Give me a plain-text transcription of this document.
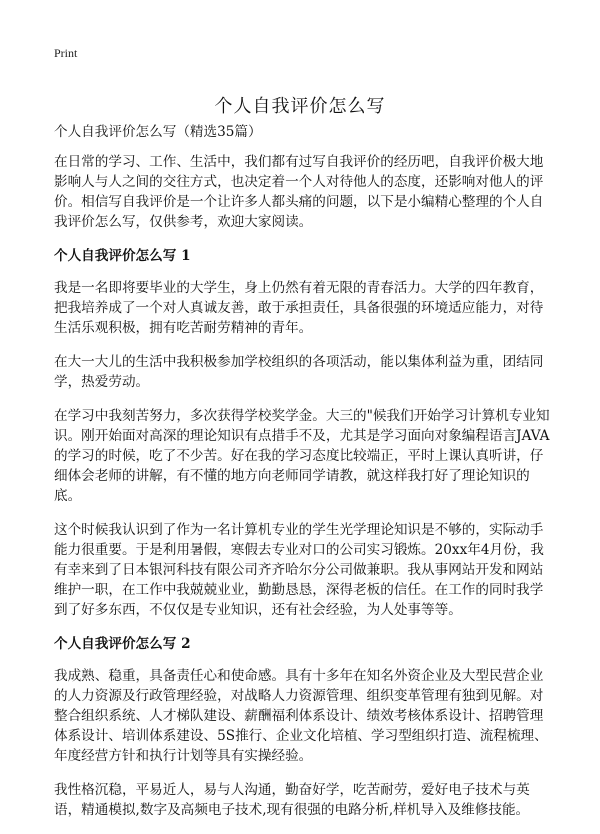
Print
个人自我评价怎么写

个人自我评价怎么写（精选35篇）

在日常的学习、工作、生活中，我们都有过写自我评价的经历吧，自我评价极大地影响人与人之间的交往方式，也决定着一个人对待他人的态度，还影响对他人的评价。相信写自我评价是一个让许多人都头痛的问题，以下是小编精心整理的个人自我评价怎么写，仅供参考，欢迎大家阅读。

个人自我评价怎么写 1

我是一名即将要毕业的大学生，身上仍然有着无限的青春活力。大学的四年教育，把我培养成了一个对人真诚友善，敢于承担责任，具备很强的环境适应能力，对待生活乐观积极，拥有吃苦耐劳精神的青年。

在大一大儿的生活中我积极参加学校组织的各项活动，能以集体利益为重，团结同学，热爱劳动。

在学习中我刻苦努力，多次获得学校奖学金。大三的"候我们开始学习计算机专业知识。刚开始面对高深的理论知识有点措手不及，尤其是学习面向对象编程语言JAVA的学习的时候，吃了不少苦。好在我的学习态度比较端正，平时上课认真听讲，仔细体会老师的讲解，有不懂的地方向老师同学请教，就这样我打好了理论知识的底。

这个时候我认识到了作为一名计算机专业的学生光学理论知识是不够的，实际动手能力很重要。于是利用暑假，寒假去专业对口的公司实习锻炼。20xx年4月份，我有幸来到了日本银河科技有限公司齐齐哈尔分公司做兼职。我从事网站开发和网站维护一职，在工作中我兢兢业业，勤勤恳恳，深得老板的信任。在工作的同时我学到了好多东西，不仅仅是专业知识，还有社会经验，为人处事等等。

个人自我评价怎么写 2

我成熟、稳重，具备责任心和使命感。具有十多年在知名外资企业及大型民营企业的人力资源及行政管理经验，对战略人力资源管理、组织变革管理有独到见解。对整合组织系统、人才梯队建设、薪酬福利体系设计、绩效考核体系设计、招聘管理体系设计、培训体系建设、5S推行、企业文化培植、学习型组织打造、流程梳理、年度经营方针和执行计划等具有实操经验。

我性格沉稳，平易近人，易与人沟通，勤奋好学，吃苦耐劳，爱好电子技术与英语，精通模拟,数字及高频电子技术,现有很强的电路分析,样机导入及维修技能。
